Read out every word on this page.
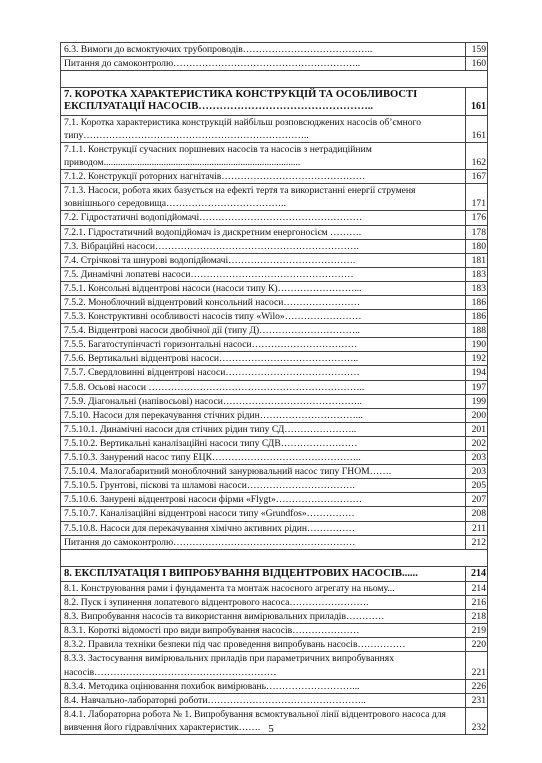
6.3. Вимоги до всмоктуючих трубопроводів…………………………………..	159
Питання до самоконтролю…………………………………………………..	160

7. КОРОТКА ХАРАКТЕРИСТИКА КОНСТРУКЦІЙ ТА ОСОБЛИВОСТІ ЕКСПЛУАТАЦІЇ НАСОСІВ…………………………………………..	161
7.1. Коротка характеристика конструкцій найбільш розповсюджених насосів об’ємного типу……………………………………………………………..	161
7.1.1. Конструкції сучасних поршневих насосів та насосів з нетрадиційним приводом..................................................................................	162
7.1.2. Конструкції роторних нагнітачів………………………………………	167
7.1.3. Насоси, робота яких базується на ефекті тертя та використанні енергії струменя зовнішнього середовища………………………………..	171
7.2. Гідростатичні водопідйомачі……………………………………………	176
7.2.1. Гідростатичний водопідйомач із дискретним енергоносієм ……….	178
7.3. Вібраційні насоси……………………………………………………….	180
7.4. Стрічкові та шнурові водопідйомачі………………………………….	181
7.5. Динамічні лопатеві насоси……………………………………………	183
7.5.1. Консольні відцентрові насоси (насоси типу К)……………………...	183
7.5.2. Моноблочний відцентровий консольний насоси……………………	186
7.5.3. Конструктивні особливості насосів типу «Wilo»……………………	186
7.5.4. Відцентрові насоси двобічної дії (типу Д)…………………………..	188
7.5.5. Багатоступінчасті горизонтальні насоси……………………………	190
7.5.6. Вертикальні відцентрові насоси……………………………………..	192
7.5.7. Свердловинні відцентрові насоси……………………………………	194
7.5.8. Осьові насоси …………………………………………………………..	197
7.5.9. Діагональні (напівосьові) насоси……………………………………..	199
7.5.10. Насоси для перекачування стічних рідин…………………………...	200
7.5.10.1. Динамічні насоси для стічних рідин типу СД…………………..	201
7.5.10.2. Вертикальні каналізаційні насоси типу СДВ……………………	202
7.5.10.3. Занурений насос типу ЕЦК………………………………………..	203
7.5.10.4. Малогабаритний моноблочний занурювальний насос типу ГНОМ…….	203
7.5.10.5. Грунтові, піскові та шламові насоси…………………………….	205
7.5.10.6. Занурені відцентрові насоси фірми «Flygt»………………………	207
7.5.10.7. Каналізаційні відцентрові насоси типу «Grundfos»……………	208
7.5.10.8. Насоси для перекачування хімічно активних рідин……………	211
Питання до самоконтролю…………………………………………………	212

8. ЕКСПЛУАТАЦІЯ І ВИПРОБУВАННЯ ВІДЦЕНТРОВИХ НАСОСІВ......	214
8.1. Конструювання рами і фундамента та монтаж насосного агрегату на ньому...	214
8.2. Пуск і зупинення лопатевого відцентрового насоса…………………….	216
8.3. Випробування насосів та використання вимірювальних приладів…………	218
8.3.1. Короткі відомості про види випробування насосів…………………	219
8.3.2. Правила техніки безпеки під час проведення випробувань насосів……………	220
8.3.3. Застосування вимірювальних приладів при параметричних випробуваннях насосів…………………………………………………	221
8.3.4. Методика оцінювання похибок вимірювань………………………...	226
8.4. Навчально-лабораторні роботи…………………………………………..	231
8.4.1. Лабораторна робота № 1. Випробування всмоктувальної лінії відцентрового насоса для вивчення його гідравлічних характеристик…….	232
5
